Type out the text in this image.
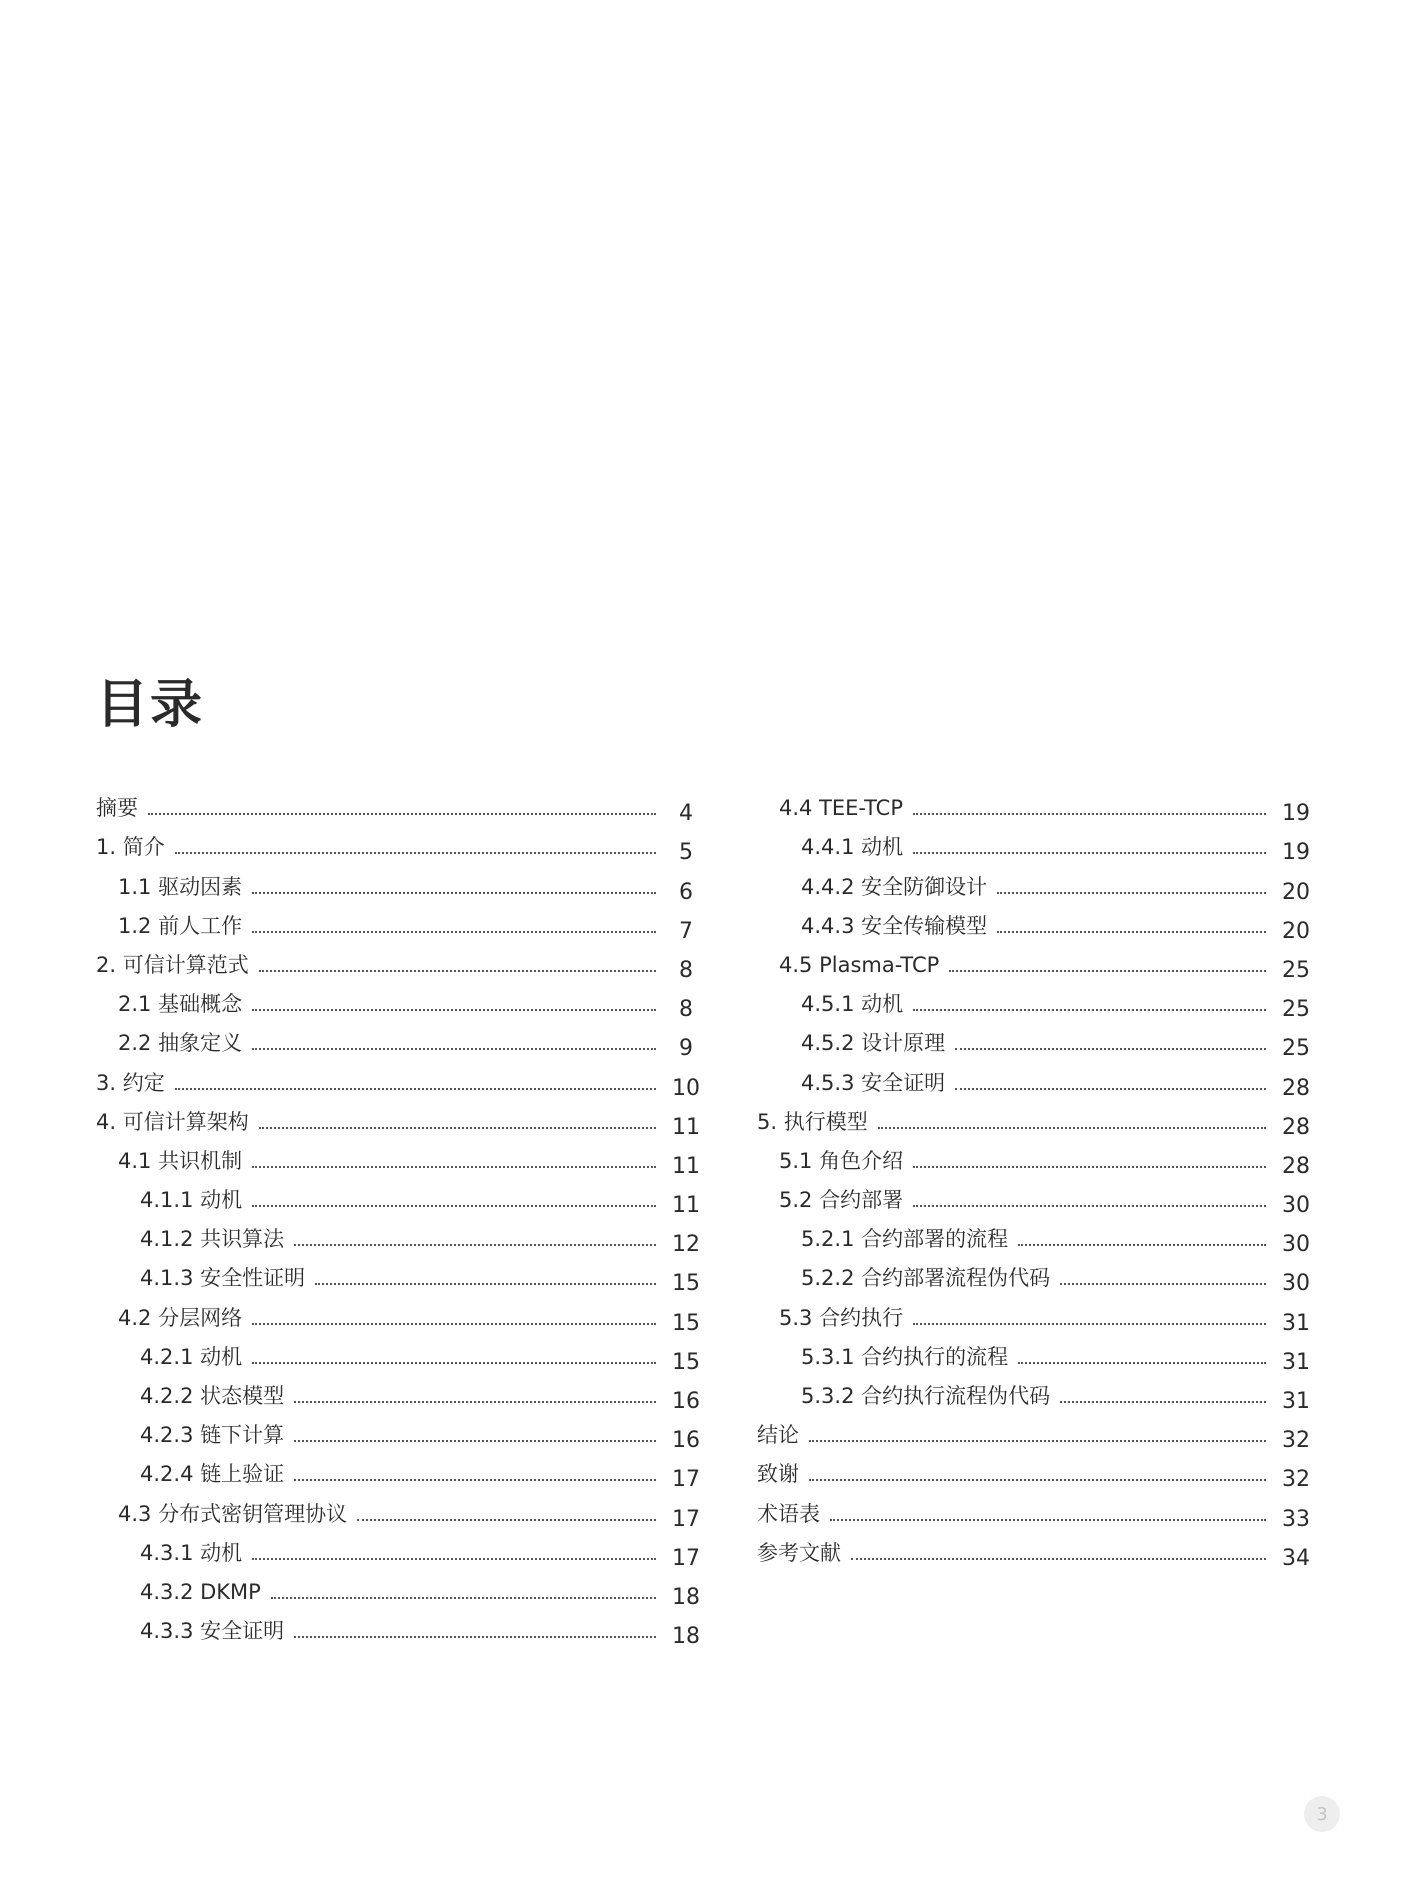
目录
摘要	4
1. 简介	5
1.1 驱动因素	6
1.2 前人工作	7
2. 可信计算范式	8
2.1 基础概念	8
2.2 抽象定义	9
3. 约定	10
4. 可信计算架构	11
4.1 共识机制	11
4.1.1 动机	11
4.1.2 共识算法	12
4.1.3 安全性证明	15
4.2 分层网络	15
4.2.1 动机	15
4.2.2 状态模型	16
4.2.3 链下计算	16
4.2.4 链上验证	17
4.3 分布式密钥管理协议	17
4.3.1 动机	17
4.3.2 DKMP	18
4.3.3 安全证明	18
4.4 TEE-TCP	19
4.4.1 动机	19
4.4.2 安全防御设计	20
4.4.3 安全传输模型	20
4.5 Plasma-TCP	25
4.5.1 动机	25
4.5.2 设计原理	25
4.5.3 安全证明	28
5. 执行模型	28
5.1 角色介绍	28
5.2 合约部署	30
5.2.1 合约部署的流程	30
5.2.2 合约部署流程伪代码	30
5.3 合约执行	31
5.3.1 合约执行的流程	31
5.3.2 合约执行流程伪代码	31
结论	32
致谢	32
术语表	33
参考文献	34
3
